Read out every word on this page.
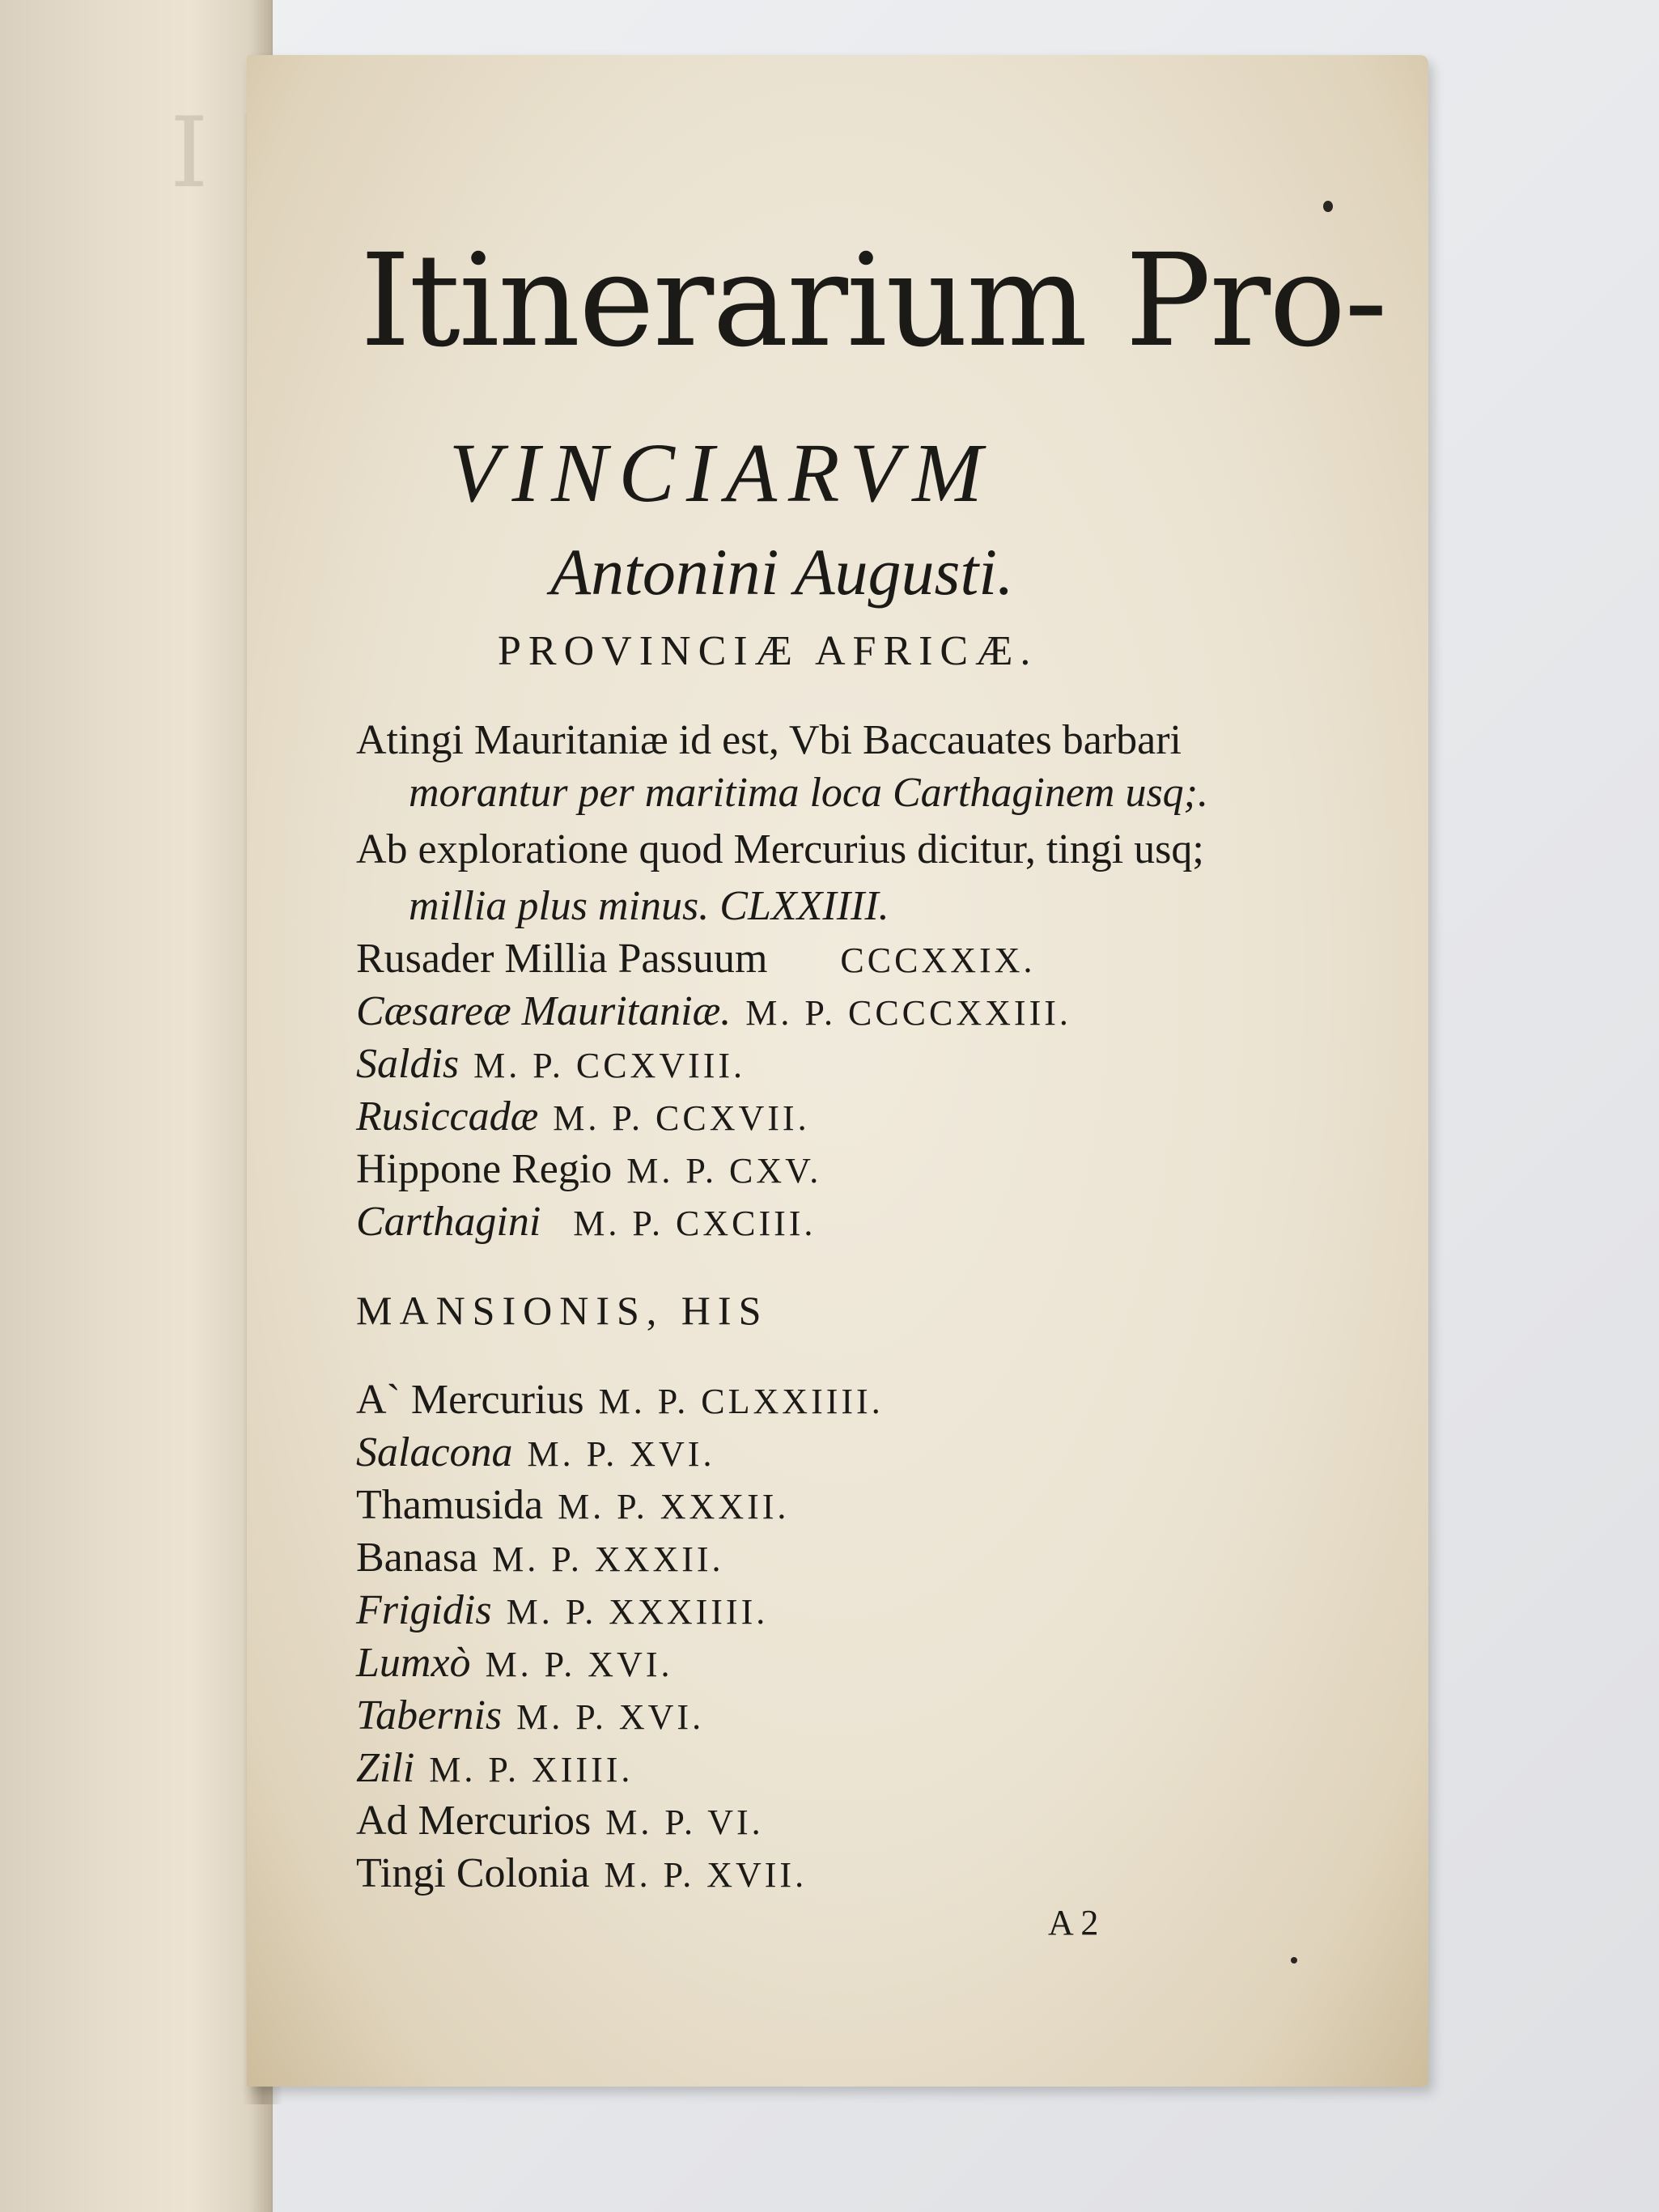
I
Itinerarium Pro-
VINCIARVM
Antonini Augusti.
PROVINCIÆ AFRICÆ.
Atingi Mauritaniæ id est, Vbi Baccauates barbari
morantur per maritima loca Carthaginem usq;.
Ab exploratione quod Mercurius dicitur, tingi usq;
millia plus minus. CLXXIIII.
Rusader Millia Passuum CCCXXIX.
Cæsareæ Mauritaniæ. M. P. CCCCXXIII.
Saldis M. P. CCXVIII.
Rusiccadæ M. P. CCXVII.
Hippone Regio M. P. CXV.
Carthagini M. P. CXCIII.
MANSIONIS, HIS
A` Mercurius M. P. CLXXIIII.
Salacona M. P. XVI.
Thamusida M. P. XXXII.
Banasa M. P. XXXII.
Frigidis M. P. XXXIIII.
Lumxò M. P. XVI.
Tabernis M. P. XVI.
Zili M. P. XIIII.
Ad Mercurios M. P. VI.
Tingi Colonia M. P. XVII.
A 2
